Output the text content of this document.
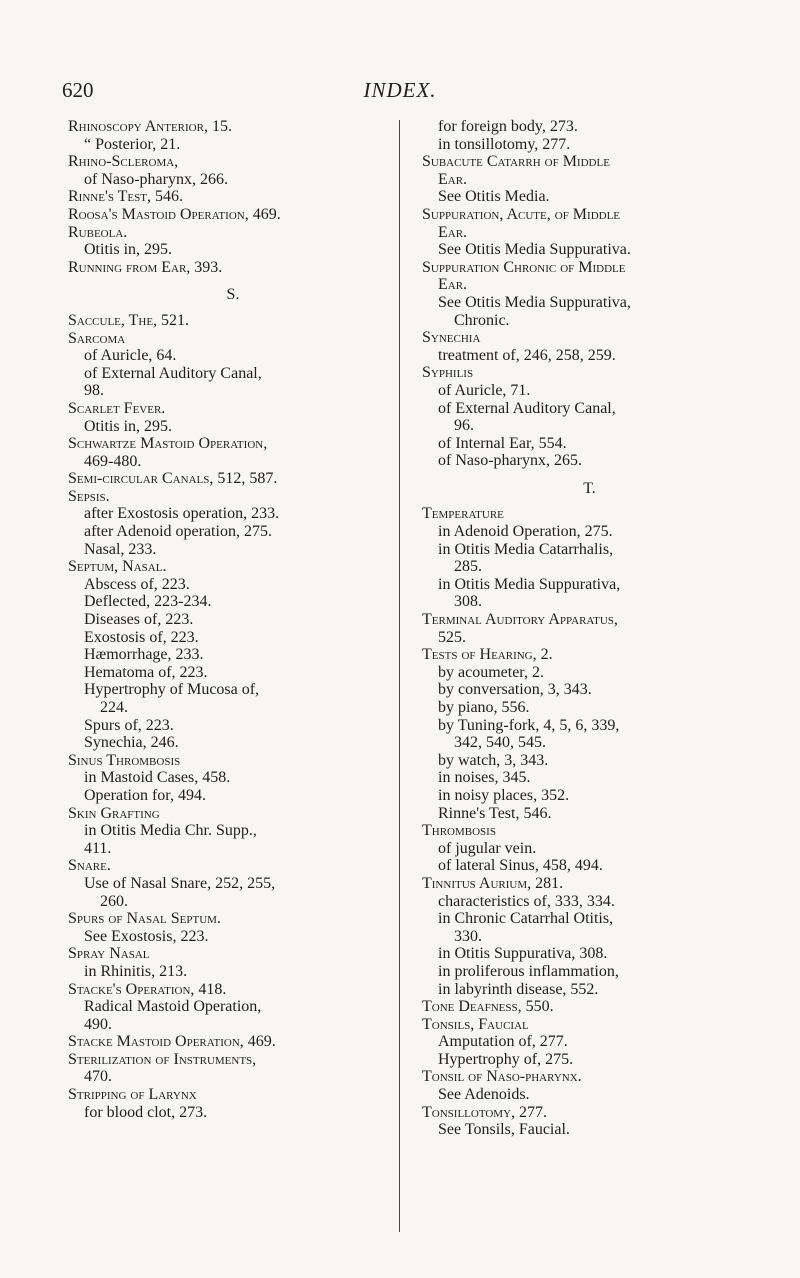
620	INDEX.
Rhinoscopy Anterior, 15.
“ Posterior, 21.
Rhino-Scleroma,
of Naso-pharynx, 266.
Rinne's Test, 546.
Roosa's Mastoid Operation, 469.
Rubeola.
Otitis in, 295.
Running from Ear, 393.
S.
Saccule, The, 521.
Sarcoma
of Auricle, 64.
of External Auditory Canal,
98.
Scarlet Fever.
Otitis in, 295.
Schwartze Mastoid Operation,
469-480.
Semi-circular Canals, 512, 587.
Sepsis.
after Exostosis operation, 233.
after Adenoid operation, 275.
Nasal, 233.
Septum, Nasal.
Abscess of, 223.
Deflected, 223-234.
Diseases of, 223.
Exostosis of, 223.
Hæmorrhage, 233.
Hematoma of, 223.
Hypertrophy of Mucosa of,
224.
Spurs of, 223.
Synechia, 246.
Sinus Thrombosis
in Mastoid Cases, 458.
Operation for, 494.
Skin Grafting
in Otitis Media Chr. Supp.,
411.
Snare.
Use of Nasal Snare, 252, 255,
260.
Spurs of Nasal Septum.
See Exostosis, 223.
Spray Nasal
in Rhinitis, 213.
Stacke's Operation, 418.
Radical Mastoid Operation,
490.
Stacke Mastoid Operation, 469.
Sterilization of Instruments,
470.
Stripping of Larynx
for blood clot, 273.
for foreign body, 273.
in tonsillotomy, 277.
Subacute Catarrh of Middle
Ear.
See Otitis Media.
Suppuration, Acute, of Middle
Ear.
See Otitis Media Suppurativa.
Suppuration Chronic of Middle
Ear.
See Otitis Media Suppurativa,
Chronic.
Synechia
treatment of, 246, 258, 259.
Syphilis
of Auricle, 71.
of External Auditory Canal,
96.
of Internal Ear, 554.
of Naso-pharynx, 265.
T.
Temperature
in Adenoid Operation, 275.
in Otitis Media Catarrhalis,
285.
in Otitis Media Suppurativa,
308.
Terminal Auditory Apparatus,
525.
Tests of Hearing, 2.
by acoumeter, 2.
by conversation, 3, 343.
by piano, 556.
by Tuning-fork, 4, 5, 6, 339,
342, 540, 545.
by watch, 3, 343.
in noises, 345.
in noisy places, 352.
Rinne's Test, 546.
Thrombosis
of jugular vein.
of lateral Sinus, 458, 494.
Tinnitus Aurium, 281.
characteristics of, 333, 334.
in Chronic Catarrhal Otitis,
330.
in Otitis Suppurativa, 308.
in proliferous inflammation,
in labyrinth disease, 552.
Tone Deafness, 550.
Tonsils, Faucial
Amputation of, 277.
Hypertrophy of, 275.
Tonsil of Naso-pharynx.
See Adenoids.
Tonsillotomy, 277.
See Tonsils, Faucial.
